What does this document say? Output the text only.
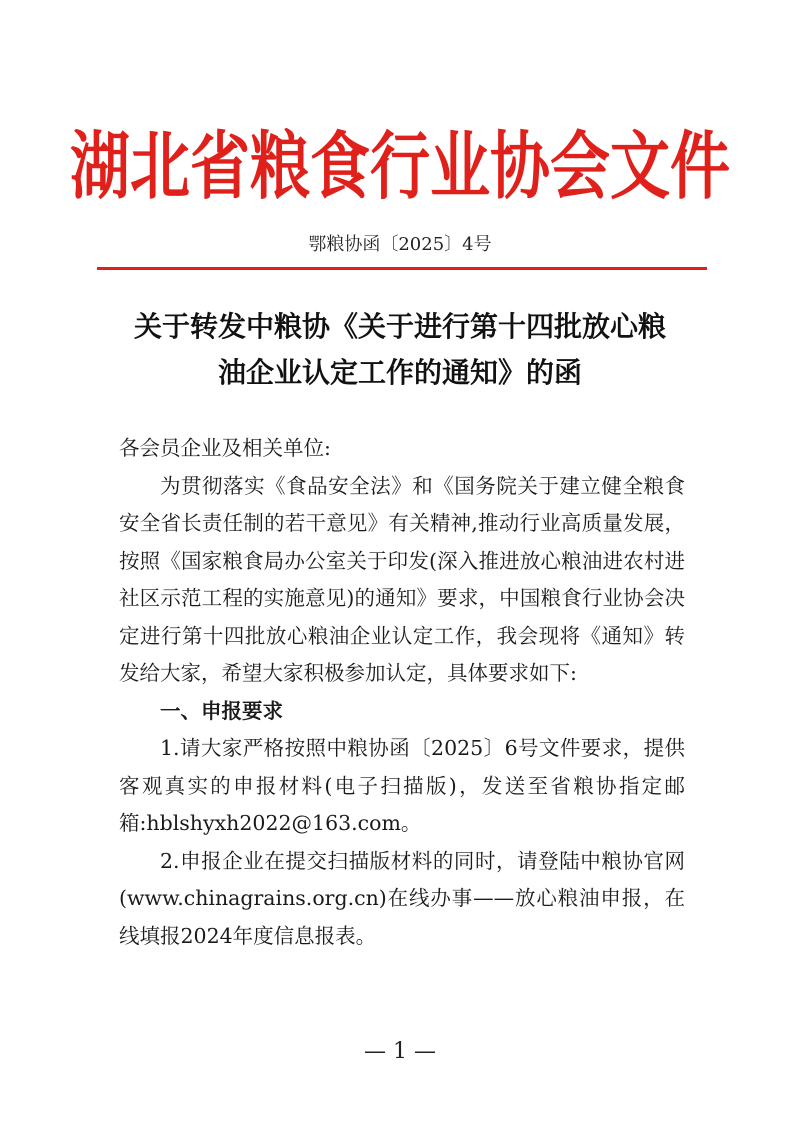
湖北省粮食行业协会文件
鄂粮协函〔2025〕4号
关于转发中粮协《关于进行第十四批放心粮
油企业认定工作的通知》的函

各会员企业及相关单位:

为贯彻落实《食品安全法》和《国务院关于建立健全粮食安全省长责任制的若干意见》有关精神,推动行业高质量发展，按照《国家粮食局办公室关于印发(深入推进放心粮油进农村进社区示范工程的实施意见)的通知》要求，中国粮食行业协会决定进行第十四批放心粮油企业认定工作，我会现将《通知》转发给大家，希望大家积极参加认定，具体要求如下:

一、申报要求

1.请大家严格按照中粮协函〔2025〕6号文件要求，提供客观真实的申报材料(电子扫描版)，发送至省粮协指定邮箱:hblshyxh2022@163.com。

2.申报企业在提交扫描版材料的同时，请登陆中粮协官网(www.chinagrains.org.cn)在线办事——放心粮油申报，在线填报2024年度信息报表。

— 1 —
